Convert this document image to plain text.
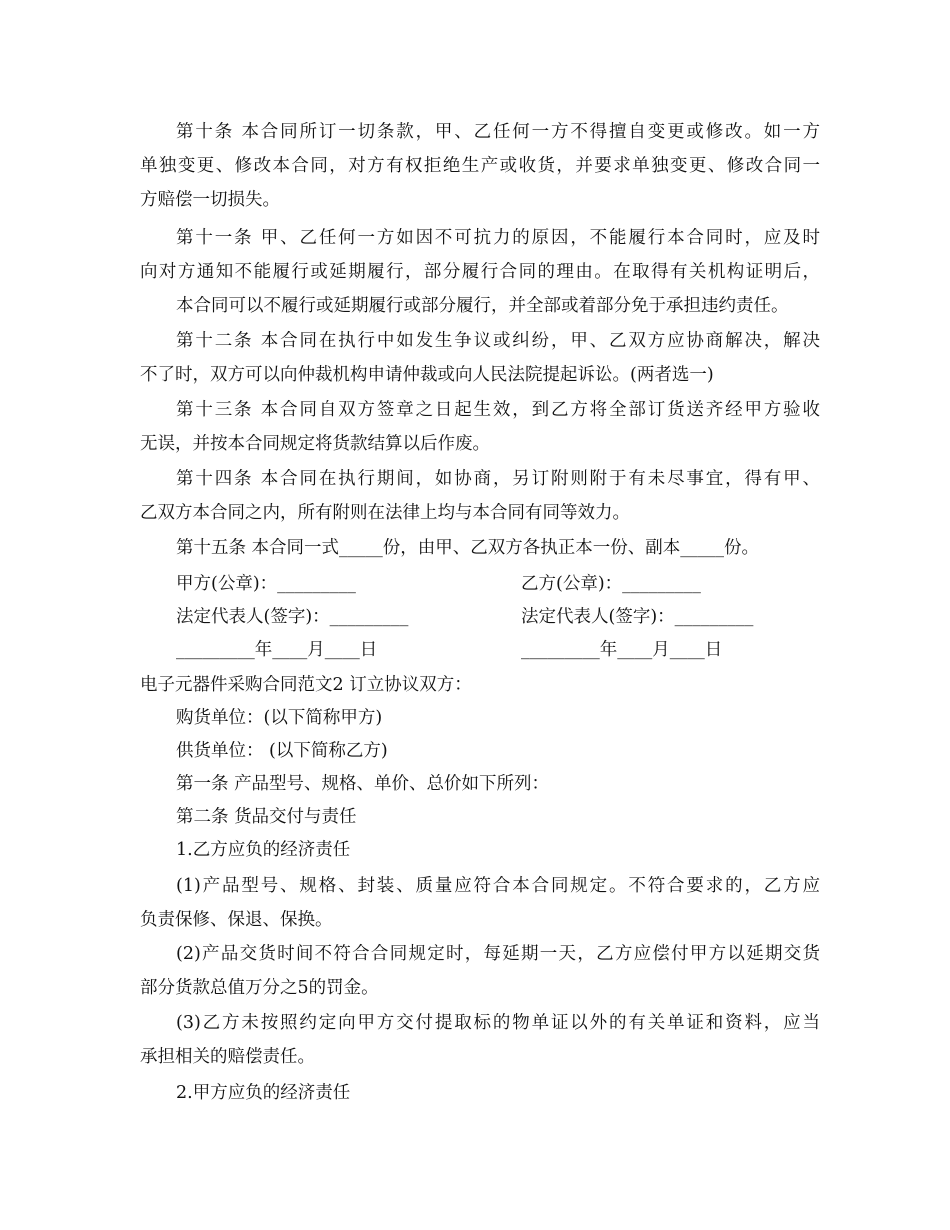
第十条 本合同所订一切条款，甲、乙任何一方不得擅自变更或修改。如一方
单独变更、修改本合同，对方有权拒绝生产或收货，并要求单独变更、修改合同一
方赔偿一切损失。
第十一条 甲、乙任何一方如因不可抗力的原因，不能履行本合同时，应及时
向对方通知不能履行或延期履行，部分履行合同的理由。在取得有关机构证明后，
本合同可以不履行或延期履行或部分履行，并全部或着部分免于承担违约责任。
第十二条 本合同在执行中如发生争议或纠纷，甲、乙双方应协商解决，解决
不了时，双方可以向仲裁机构申请仲裁或向人民法院提起诉讼。(两者选一)
第十三条 本合同自双方签章之日起生效，到乙方将全部订货送齐经甲方验收
无误，并按本合同规定将货款结算以后作废。
第十四条 本合同在执行期间，如协商，另订附则附于有未尽事宜，得有甲、
乙双方本合同之内，所有附则在法律上均与本合同有同等效力。
第十五条 本合同一式_____份，由甲、乙双方各执正本一份、副本_____份。
甲方(公章)：_________	乙方(公章)：_________
法定代表人(签字)：_________	法定代表人(签字)：_________
_________年____月____日	_________年____月____日
电子元器件采购合同范文2 订立协议双方：
购货单位：(以下简称甲方)
供货单位： (以下简称乙方)
第一条 产品型号、规格、单价、总价如下所列：
第二条 货品交付与责任
1.乙方应负的经济责任
(1)产品型号、规格、封装、质量应符合本合同规定。不符合要求的，乙方应
负责保修、保退、保换。
(2)产品交货时间不符合合同规定时，每延期一天，乙方应偿付甲方以延期交货
部分货款总值万分之5的罚金。
(3)乙方未按照约定向甲方交付提取标的物单证以外的有关单证和资料，应当
承担相关的赔偿责任。
2.甲方应负的经济责任
